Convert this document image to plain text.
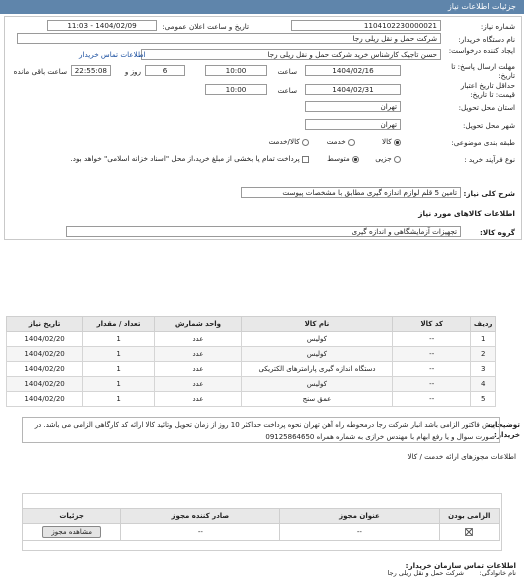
جزئیات اطلاعات نیاز
شماره نیاز:
1104102230000021
تاریخ و ساعت اعلان عمومی:
1404/02/09 - 11:03
نام دستگاه خریدار:
شرکت حمل و نقل ریلی رجا
ایجاد کننده درخواست:
حسن تاجیک کارشناس خرید شرکت حمل و نقل ریلی رجا
اطلاعات تماس خریدار
مهلت ارسال پاسخ: تا تاریخ:
1404/02/16
ساعت
10:00
6
روز و
22:55:08
ساعت باقی مانده
حداقل تاریخ اعتبار قیمت: تا تاریخ:
1404/02/31
ساعت
10:00
استان محل تحویل:
تهران
شهر محل تحویل:
تهران
طبقه بندی موضوعی:
کالا
خدمت
کالا/خدمت
نوع فرآیند خرید :
جزیی
متوسط
پرداخت تمام یا بخشی از مبلغ خرید،از محل "اسناد خزانه اسلامی" خواهد بود.
شرح کلی نیاز:
تامین 5 قلم لوازم اندازه گیری مطابق با مشخصات پیوست
اطلاعات کالاهای مورد نیاز
گروه کالا:
تجهیزات آزمایشگاهی و اندازه گیری
ردیف	کد کالا	نام کالا	واحد شمارش	تعداد / مقدار	تاریخ نیاز
1	--	کولیس	عدد	1	1404/02/20
2	--	کولیس	عدد	1	1404/02/20
3	--	دستگاه اندازه گیری پارامترهای الکتریکی	عدد	1	1404/02/20
4	--	کولیس	عدد	1	1404/02/20
5	--	عمق سنج	عدد	1	1404/02/20
توضیحات خریدار:
پیش فاکتور الزامی باشد انبار شرکت رجا درمحوطه راه آهن تهران نحوه پرداخت حداکثر 10 روز از زمان تحویل وتائید کالا ارائه کد کارگاهی الزامی می باشد. در صورت سوال و یا رفع ابهام با مهندس خرازی به شماره همراه 09125864650
اطلاعات مجوزهای ارائه خدمت / کالا
الزامی بودن	عنوان مجوز	صادر کننده مجوز	جزئیات

	--	--	مشاهده مجوز
اطلاعات تماس سازمان خریدار:
نام خانوادگی:
شرکت حمل و نقل ریلی رجا
